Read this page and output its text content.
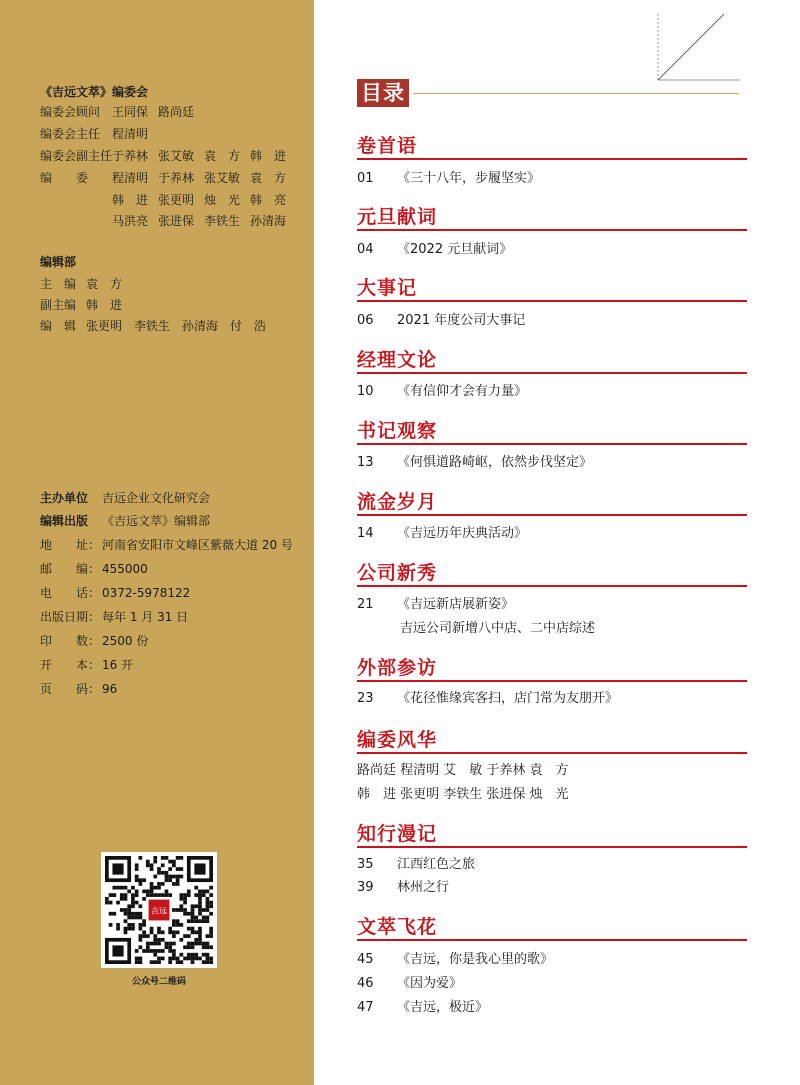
《吉远文萃》编委会
编委会顾问 王同保 路尚廷
编委会主任 程清明
编委会副主任 于养林 张艾敏 袁　方 韩　进
编　　委 程清明 于养林 张艾敏 袁　方
韩　进 张更明 烛　光 韩　亮
马洪亮 张进保 李铁生 孙清海
编辑部
主　编 袁　方
副主编 韩　进
编　辑 张更明 李铁生 孙清海 付　浩
主办单位 吉远企业文化研究会
编辑出版 《吉远文萃》编辑部
地　　址： 河南省安阳市文峰区紫薇大道 20 号
邮　　编： 455000
电　　话： 0372-5978122
出版日期： 每年 1 月 31 日
印　　数： 2500 份
开　　本： 16 开
页　　码： 96
吉远
公众号二维码
目录
卷首语
01 《三十八年，步履坚实》
元旦献词
04 《2022 元旦献词》
大事记
06 2021 年度公司大事记
经理文论
10 《有信仰才会有力量》
书记观察
13 《何惧道路崎岖，依然步伐坚定》
流金岁月
14 《吉远历年庆典活动》
公司新秀
21 《吉远新店展新姿》
吉远公司新增八中店、二中店综述
外部参访
23 《花径惟缘宾客扫，店门常为友朋开》
编委风华
路尚廷 程清明 艾　敏 于养林 袁　方
韩　进 张更明 李铁生 张进保 烛　光
知行漫记
35 江西红色之旅
39 林州之行
文萃飞花
45 《吉远，你是我心里的歌》
46 《因为爱》
47 《吉远，极近》
